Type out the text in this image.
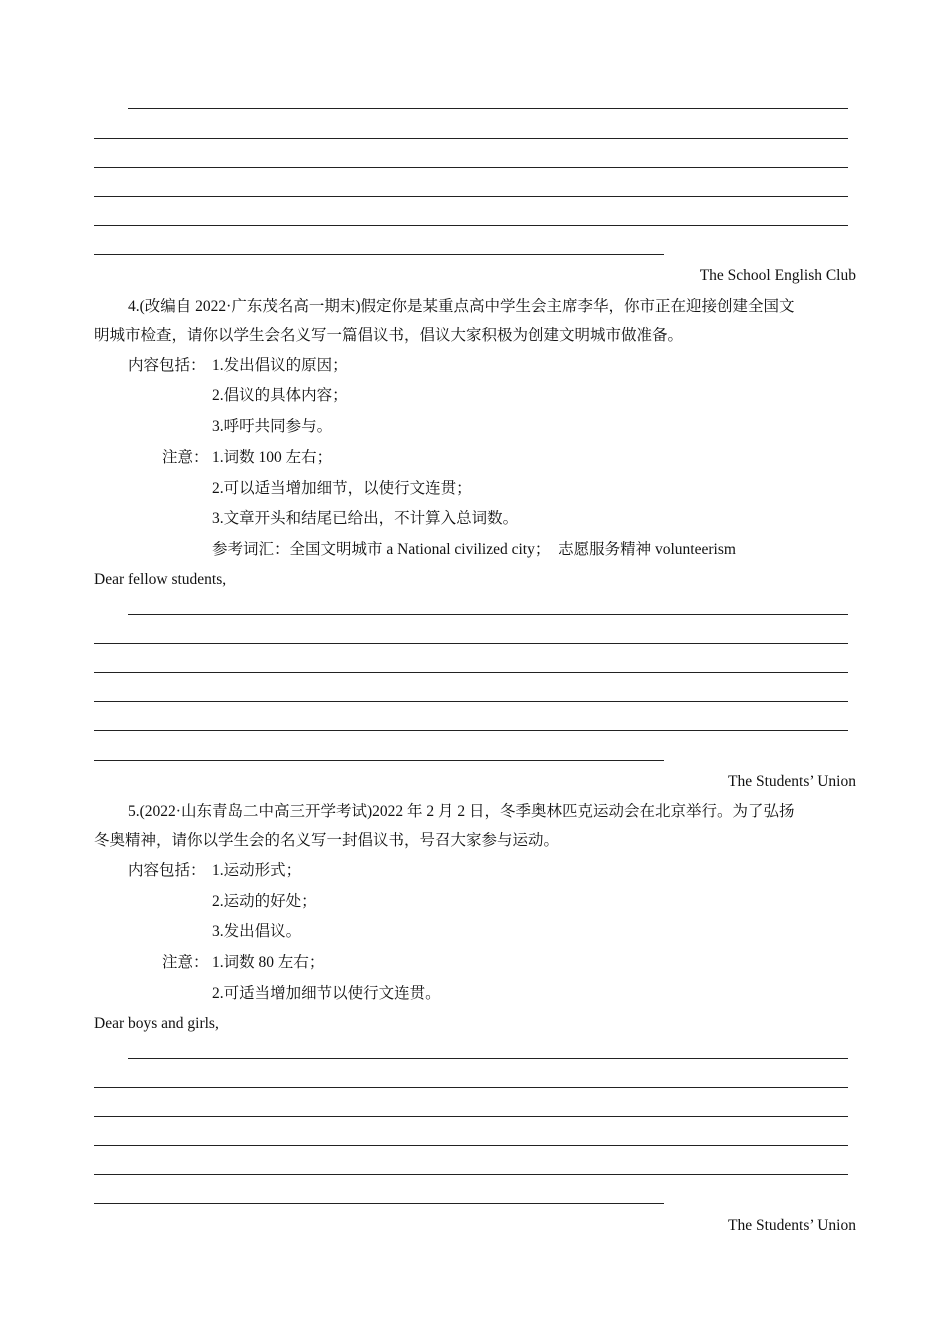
The School English Club
4.(改编自 2022·广东茂名高一期末)假定你是某重点高中学生会主席李华，你市正在迎接创建全国文
明城市检查，请你以学生会名义写一篇倡议书，倡议大家积极为创建文明城市做准备。
内容包括： 1.发出倡议的原因；
2.倡议的具体内容；
3.呼吁共同参与。
注意： 1.词数 100 左右；
2.可以适当增加细节，以使行文连贯；
3.文章开头和结尾已给出，不计算入总词数。
参考词汇：全国文明城市 a National civilized city；　志愿服务精神 volunteerism
Dear fellow students,
The Students’ Union
5.(2022·山东青岛二中高三开学考试)2022 年 2 月 2 日，冬季奥林匹克运动会在北京举行。为了弘扬
冬奥精神，请你以学生会的名义写一封倡议书，号召大家参与运动。
内容包括： 1.运动形式；
2.运动的好处；
3.发出倡议。
注意： 1.词数 80 左右；
2.可适当增加细节以使行文连贯。
Dear boys and girls,
The Students’ Union
